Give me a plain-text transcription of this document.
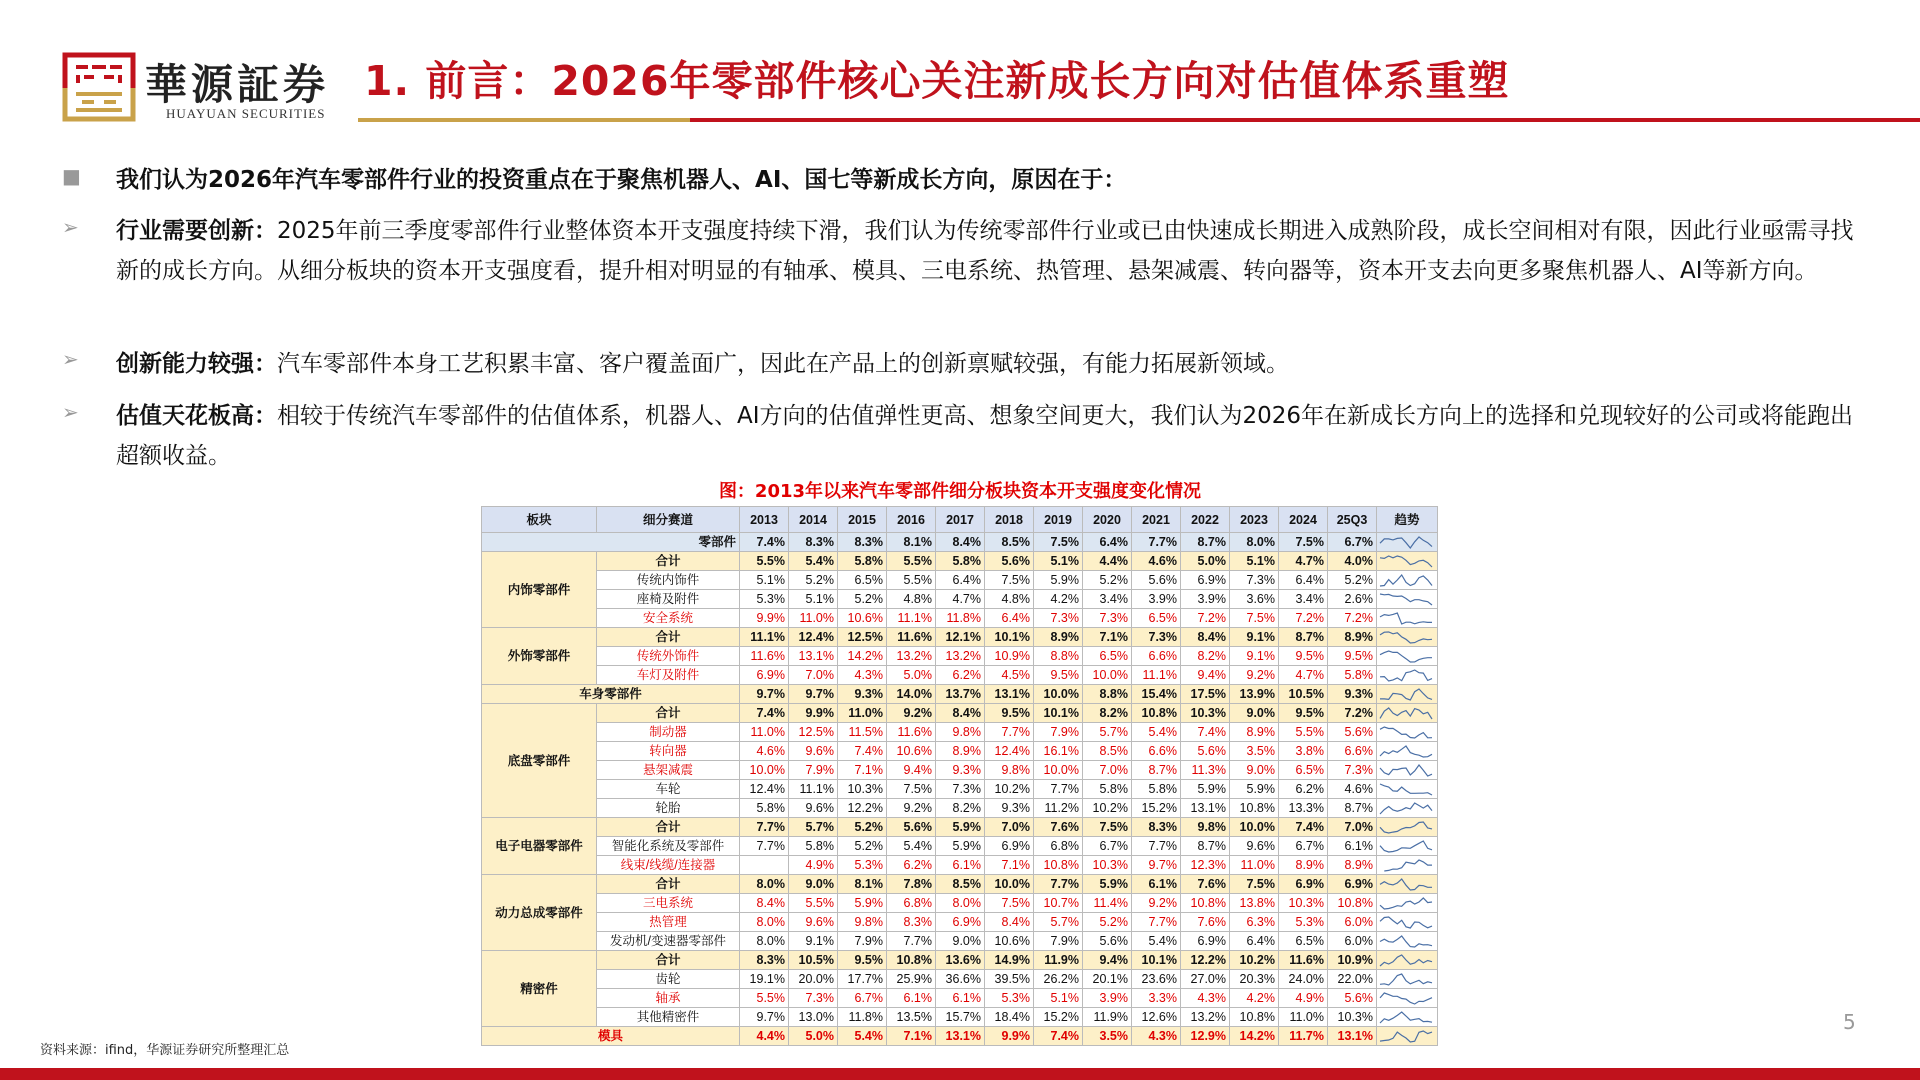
華源証券
HUAYUAN SECURITIES
1. 前言：2026年零部件核心关注新成长方向对估值体系重塑
■ 我们认为2026年汽车零部件行业的投资重点在于聚焦机器人、AI、国七等新成长方向，原因在于：
➢ 行业需要创新：2025年前三季度零部件行业整体资本开支强度持续下滑，我们认为传统零部件行业或已由快速成长期进入成熟阶段，成长空间相对有限，因此行业亟需寻找新的成长方向。从细分板块的资本开支强度看，提升相对明显的有轴承、模具、三电系统、热管理、悬架减震、转向器等，资本开支去向更多聚焦机器人、AI等新方向。
➢ 创新能力较强：汽车零部件本身工艺积累丰富、客户覆盖面广，因此在产品上的创新禀赋较强，有能力拓展新领域。
➢ 估值天花板高：相较于传统汽车零部件的估值体系，机器人、AI方向的估值弹性更高、想象空间更大，我们认为2026年在新成长方向上的选择和兑现较好的公司或将能跑出超额收益。
图：2013年以来汽车零部件细分板块资本开支强度变化情况
板块	细分赛道	2013	2014	2015	2016	2017	2018	2019	2020	2021	2022	2023	2024	25Q3	趋势
零部件		7.4%	8.3%	8.3%	8.1%	8.4%	8.5%	7.5%	6.4%	7.7%	8.7%	8.0%	7.5%	6.7%	

内饰零部件	合计	5.5%	5.4%	5.8%	5.5%	5.8%	5.6%	5.1%	4.4%	4.6%	5.0%	5.1%	4.7%	4.0%	

	传统内饰件	5.1%	5.2%	6.5%	5.5%	6.4%	7.5%	5.9%	5.2%	5.6%	6.9%	7.3%	6.4%	5.2%	

	座椅及附件	5.3%	5.1%	5.2%	4.8%	4.7%	4.8%	4.2%	3.4%	3.9%	3.9%	3.6%	3.4%	2.6%	

	安全系统	9.9%	11.0%	10.6%	11.1%	11.8%	6.4%	7.3%	7.3%	6.5%	7.2%	7.5%	7.2%	7.2%	

外饰零部件	合计	11.1%	12.4%	12.5%	11.6%	12.1%	10.1%	8.9%	7.1%	7.3%	8.4%	9.1%	8.7%	8.9%	

	传统外饰件	11.6%	13.1%	14.2%	13.2%	13.2%	10.9%	8.8%	6.5%	6.6%	8.2%	9.1%	9.5%	9.5%	

	车灯及附件	6.9%	7.0%	4.3%	5.0%	6.2%	4.5%	9.5%	10.0%	11.1%	9.4%	9.2%	4.7%	5.8%	

车身零部件		9.7%	9.7%	9.3%	14.0%	13.7%	13.1%	10.0%	8.8%	15.4%	17.5%	13.9%	10.5%	9.3%	

底盘零部件	合计	7.4%	9.9%	11.0%	9.2%	8.4%	9.5%	10.1%	8.2%	10.8%	10.3%	9.0%	9.5%	7.2%	

	制动器	11.0%	12.5%	11.5%	11.6%	9.8%	7.7%	7.9%	5.7%	5.4%	7.4%	8.9%	5.5%	5.6%	

	转向器	4.6%	9.6%	7.4%	10.6%	8.9%	12.4%	16.1%	8.5%	6.6%	5.6%	3.5%	3.8%	6.6%	

	悬架减震	10.0%	7.9%	7.1%	9.4%	9.3%	9.8%	10.0%	7.0%	8.7%	11.3%	9.0%	6.5%	7.3%	

	车轮	12.4%	11.1%	10.3%	7.5%	7.3%	10.2%	7.7%	5.8%	5.8%	5.9%	5.9%	6.2%	4.6%	

	轮胎	5.8%	9.6%	12.2%	9.2%	8.2%	9.3%	11.2%	10.2%	15.2%	13.1%	10.8%	13.3%	8.7%	

电子电器零部件	合计	7.7%	5.7%	5.2%	5.6%	5.9%	7.0%	7.6%	7.5%	8.3%	9.8%	10.0%	7.4%	7.0%	

	智能化系统及零部件	7.7%	5.8%	5.2%	5.4%	5.9%	6.9%	6.8%	6.7%	7.7%	8.7%	9.6%	6.7%	6.1%	

	线束/线缆/连接器		4.9%	5.3%	6.2%	6.1%	7.1%	10.8%	10.3%	9.7%	12.3%	11.0%	8.9%	8.9%	

动力总成零部件	合计	8.0%	9.0%	8.1%	7.8%	8.5%	10.0%	7.7%	5.9%	6.1%	7.6%	7.5%	6.9%	6.9%	

	三电系统	8.4%	5.5%	5.9%	6.8%	8.0%	7.5%	10.7%	11.4%	9.2%	10.8%	13.8%	10.3%	10.8%	

	热管理	8.0%	9.6%	9.8%	8.3%	6.9%	8.4%	5.7%	5.2%	7.7%	7.6%	6.3%	5.3%	6.0%	

	发动机/变速器零部件	8.0%	9.1%	7.9%	7.7%	9.0%	10.6%	7.9%	5.6%	5.4%	6.9%	6.4%	6.5%	6.0%	

精密件	合计	8.3%	10.5%	9.5%	10.8%	13.6%	14.9%	11.9%	9.4%	10.1%	12.2%	10.2%	11.6%	10.9%	

	齿轮	19.1%	20.0%	17.7%	25.9%	36.6%	39.5%	26.2%	20.1%	23.6%	27.0%	20.3%	24.0%	22.0%	

	轴承	5.5%	7.3%	6.7%	6.1%	6.1%	5.3%	5.1%	3.9%	3.3%	4.3%	4.2%	4.9%	5.6%	

	其他精密件	9.7%	13.0%	11.8%	13.5%	15.7%	18.4%	15.2%	11.9%	12.6%	13.2%	10.8%	11.0%	10.3%	

模具		4.4%	5.0%	5.4%	7.1%	13.1%	9.9%	7.4%	3.5%	4.3%	12.9%	14.2%	11.7%	13.1%	
资料来源：ifind，华源证券研究所整理汇总
5
